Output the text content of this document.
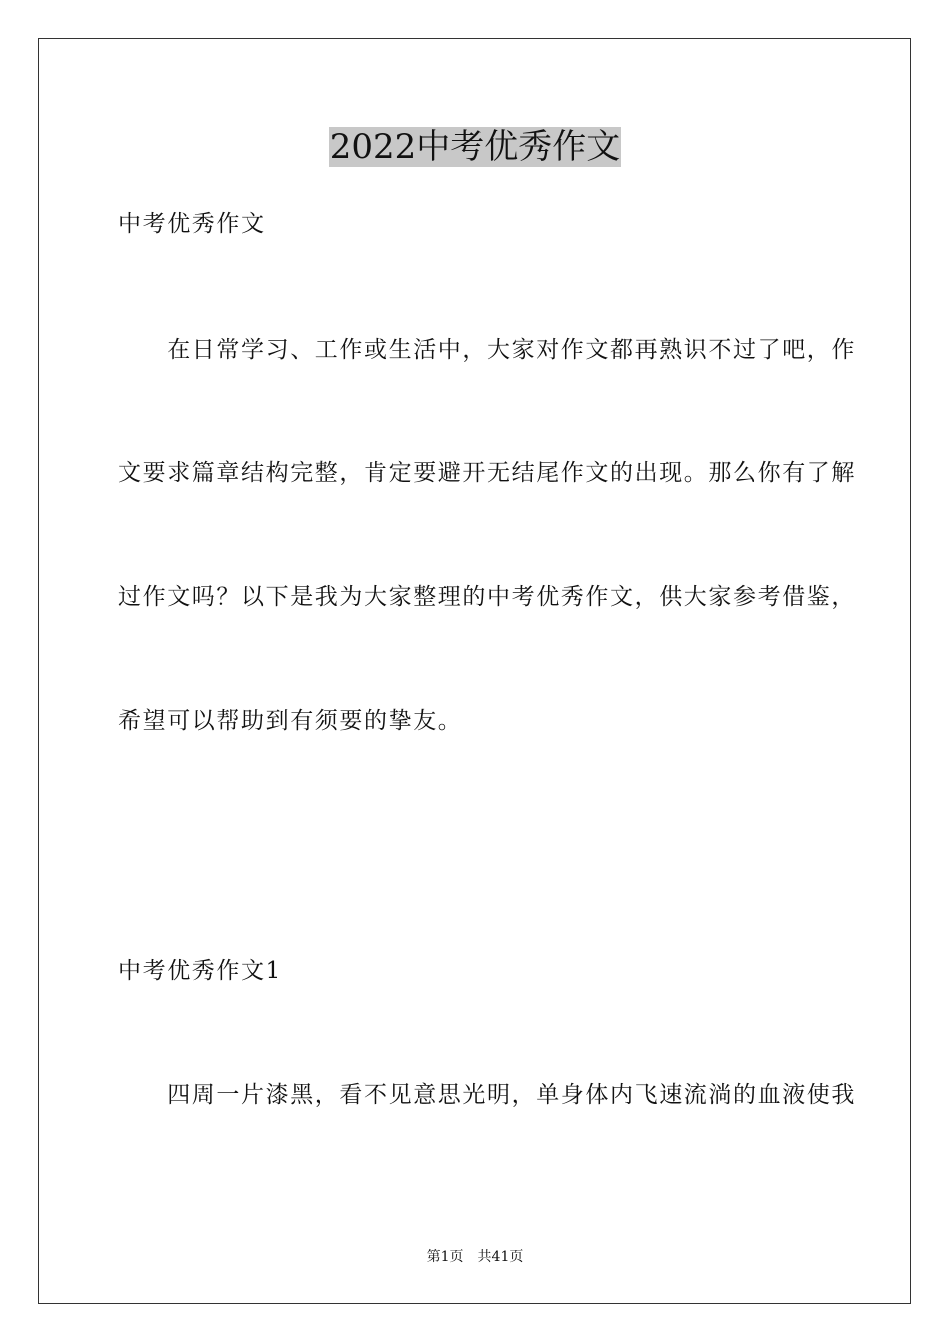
2022中考优秀作文
中考优秀作文
　　在日常学习、工作或生活中，大家对作文都再熟识不过了吧，作
文要求篇章结构完整，肯定要避开无结尾作文的出现。那么你有了解
过作文吗？以下是我为大家整理的中考优秀作文，供大家参考借鉴，
希望可以帮助到有须要的挚友。
中考优秀作文1
　　四周一片漆黑，看不见意思光明，单身体内飞速流淌的血液使我
第1页　共41页
